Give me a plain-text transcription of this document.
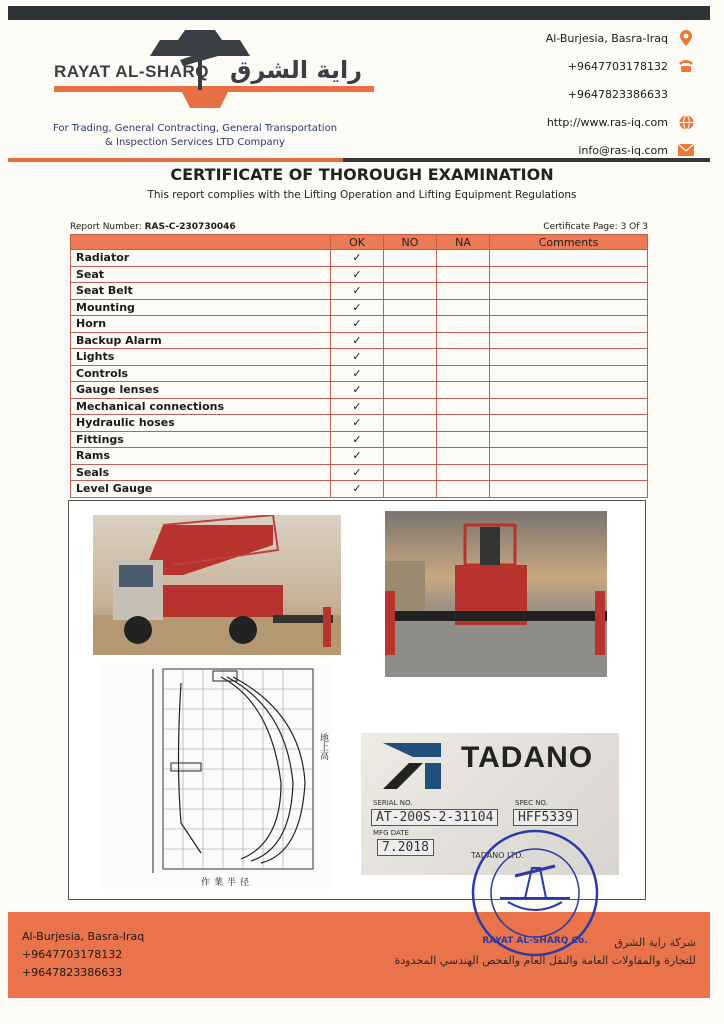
RAYAT AL-SHARQ راية الشرق
For Trading, General Contracting, General Transportation
& Inspection Services LTD Company
Al-Burjesia, Basra-Iraq
+9647703178132
+9647823386633
http://www.ras-iq.com
info@ras-iq.com
CERTIFICATE OF THOROUGH EXAMINATION
This report complies with the Lifting Operation and Lifting Equipment Regulations
Report Number: RAS-C-230730046	Certificate Page: 3 Of 3
	OK	NO	NA	Comments
Radiator	✓			
Seat	✓			
Seat Belt	✓			
Mounting	✓			
Horn	✓			
Backup Alarm	✓			
Lights	✓			
Controls	✓			
Gauge lenses	✓			
Mechanical connections	✓			
Hydraulic hoses	✓			
Fittings	✓			
Rams	✓			
Seals	✓			
Level Gauge	✓			
地上高
作業半径
TADANO
SERIAL NO.
AT-200S-2-31104
SPEC NO.
HFF5339
MFG DATE
7.2018
TADANO LTD.
Al-Burjesia, Basra-Iraq
+9647703178132
+9647823386633
شركة راية الشرق
للتجارة والمقاولات العامة والنقل العام والفحص الهندسي المحدودة
RAYAT AL-SHARQ Co.
